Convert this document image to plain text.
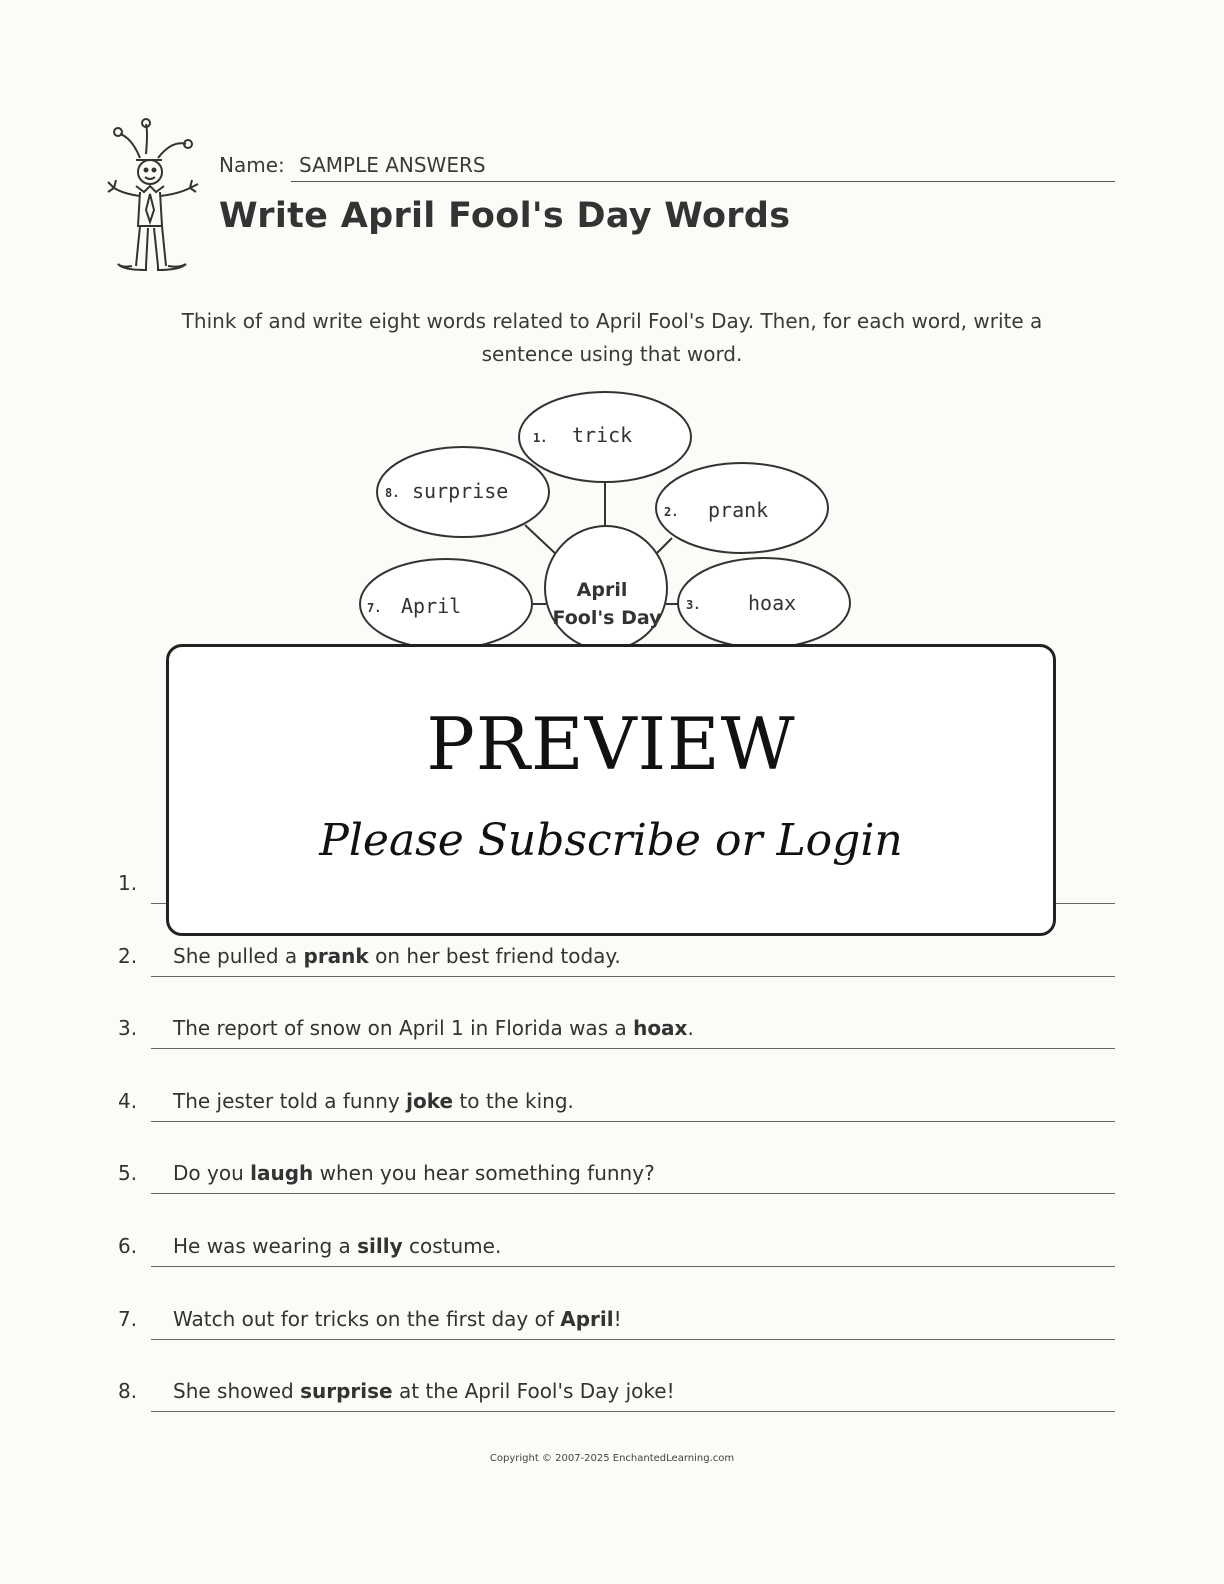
Name: SAMPLE ANSWERS
Write April Fool's Day Words
Think of and write eight words related to April Fool's Day. Then, for each word, write a sentence using that word.
April
Fool's Day
1. trick
2. prank
3. hoax
7. April
8. surprise
1.
2. She pulled a prank on her best friend today.
3. The report of snow on April 1 in Florida was a hoax.
4. The jester told a funny joke to the king.
5. Do you laugh when you hear something funny?
6. He was wearing a silly costume.
7. Watch out for tricks on the first day of April!
8. She showed surprise at the April Fool's Day joke!
PREVIEW
Please Subscribe or Login
Copyright © 2007-2025 EnchantedLearning.com
